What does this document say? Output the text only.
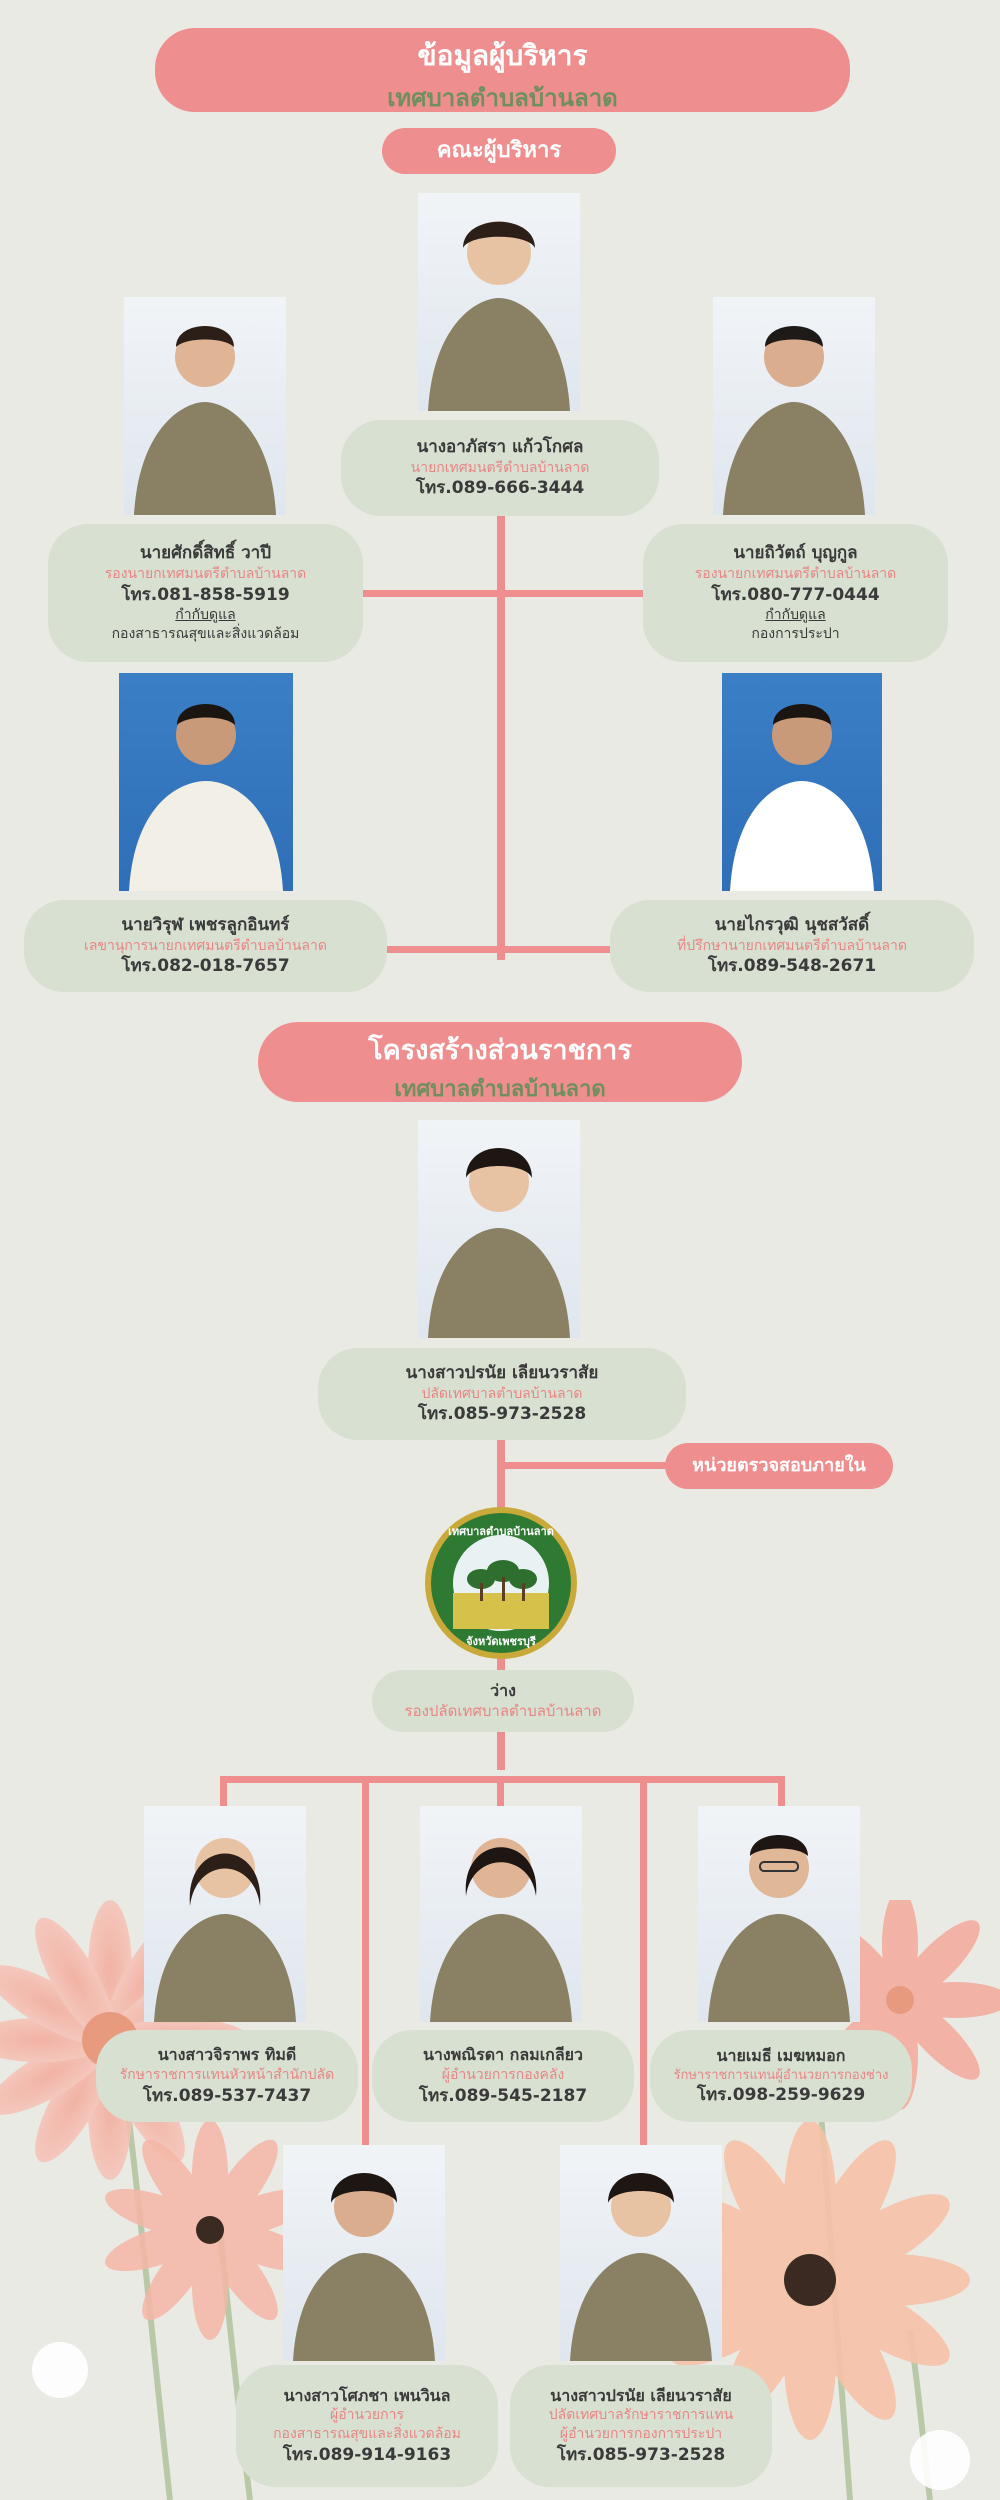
ข้อมูลผู้บริหาร
เทศบาลตำบลบ้านลาด
คณะผู้บริหาร
นางอาภัสรา แก้วโกศล
นายกเทศมนตรีตำบลบ้านลาด
โทร.089-666-3444
นายศักดิ์สิทธิ์ วาปี
รองนายกเทศมนตรีตำบลบ้านลาด
โทร.081-858-5919
กำกับดูแล
กองสาธารณสุขและสิ่งแวดล้อม
นายถิวัตถ์ บุญกูล
รองนายกเทศมนตรีตำบลบ้านลาด
โทร.080-777-0444
กำกับดูแล
กองการประปา
นายวิรุฬ เพชรลูกอินทร์
เลขานุการนายกเทศมนตรีตำบลบ้านลาด
โทร.082-018-7657
นายไกรวุฒิ นุชสวัสดิ์
ที่ปรึกษานายกเทศมนตรีตำบลบ้านลาด
โทร.089-548-2671
โครงสร้างส่วนราชการ
เทศบาลตำบลบ้านลาด
นางสาวปรนัย เลียนวราสัย
ปลัดเทศบาลตำบลบ้านลาด
โทร.085-973-2528
หน่วยตรวจสอบภายใน
เทศบาลตำบลบ้านลาด
จังหวัดเพชรบุรี
ว่าง
รองปลัดเทศบาลตำบลบ้านลาด
นางสาวจิราพร ทิมดี
รักษาราชการแทนหัวหน้าสำนักปลัด
โทร.089-537-7437
นางพณิรดา กลมเกลียว
ผู้อำนวยการกองคลัง
โทร.089-545-2187
นายเมธี เมฆหมอก
รักษาราชการแทนผู้อำนวยการกองช่าง
โทร.098-259-9629
นางสาวโศภชา เพนวินล
ผู้อำนวยการ
กองสาธารณสุขและสิ่งแวดล้อม
โทร.089-914-9163
นางสาวปรนัย เลียนวราสัย
ปลัดเทศบาลรักษาราชการแทน
ผู้อำนวยการกองการประปา
โทร.085-973-2528
